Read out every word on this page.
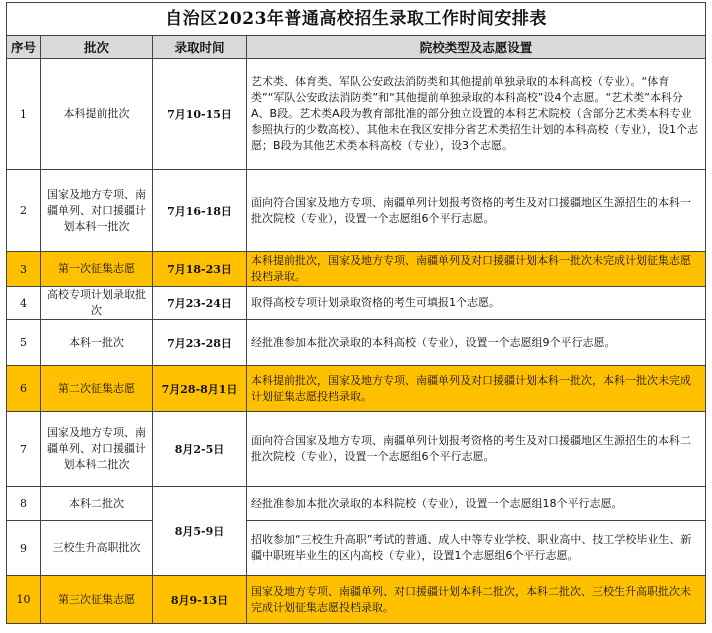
自治区2023年普通高校招生录取工作时间安排表
序号	批次	录取时间	院校类型及志愿设置
1	本科提前批次	7月10-15日	艺术类、体育类、军队公安政法消防类和其他提前单独录取的本科高校（专业）。“体育类”“军队公安政法消防类”和“其他提前单独录取的本科高校”设4个志愿。“艺术类”本科分A、B段。艺术类A段为教育部批准的部分独立设置的本科艺术院校（含部分艺术类本科专业参照执行的少数高校）、其他未在我区安排分省艺术类招生计划的本科高校（专业），设1个志愿；B段为其他艺术类本科高校（专业），设3个志愿。
2	国家及地方专项、南疆单列、对口援疆计划本科一批次	7月16-18日	面向符合国家及地方专项、南疆单列计划报考资格的考生及对口援疆地区生源招生的本科一批次院校（专业），设置一个志愿组6个平行志愿。
3	第一次征集志愿	7月18-23日	本科提前批次，国家及地方专项、南疆单列及对口援疆计划本科一批次未完成计划征集志愿投档录取。
4	高校专项计划录取批次	7月23-24日	取得高校专项计划录取资格的考生可填报1个志愿。
5	本科一批次	7月23-28日	经批准参加本批次录取的本科高校（专业），设置一个志愿组9个平行志愿。
6	第二次征集志愿	7月28-8月1日	本科提前批次，国家及地方专项、南疆单列及对口援疆计划本科一批次，本科一批次未完成计划征集志愿投档录取。
7	国家及地方专项、南疆单列、对口援疆计划本科二批次	8月2-5日	面向符合国家及地方专项、南疆单列计划报考资格的考生及对口援疆地区生源招生的本科二批次院校（专业），设置一个志愿组6个平行志愿。
8	本科二批次	8月5-9日	经批准参加本批次录取的本科院校（专业），设置一个志愿组18个平行志愿。
9	三校生升高职批次		招收参加“三校生升高职”考试的普通、成人中等专业学校、职业高中、技工学校毕业生、新疆中职班毕业生的区内高校（专业），设置1个志愿组6个平行志愿。
10	第三次征集志愿	8月9-13日	国家及地方专项、南疆单列、对口援疆计划本科二批次，本科二批次、三校生升高职批次未完成计划征集志愿投档录取。
